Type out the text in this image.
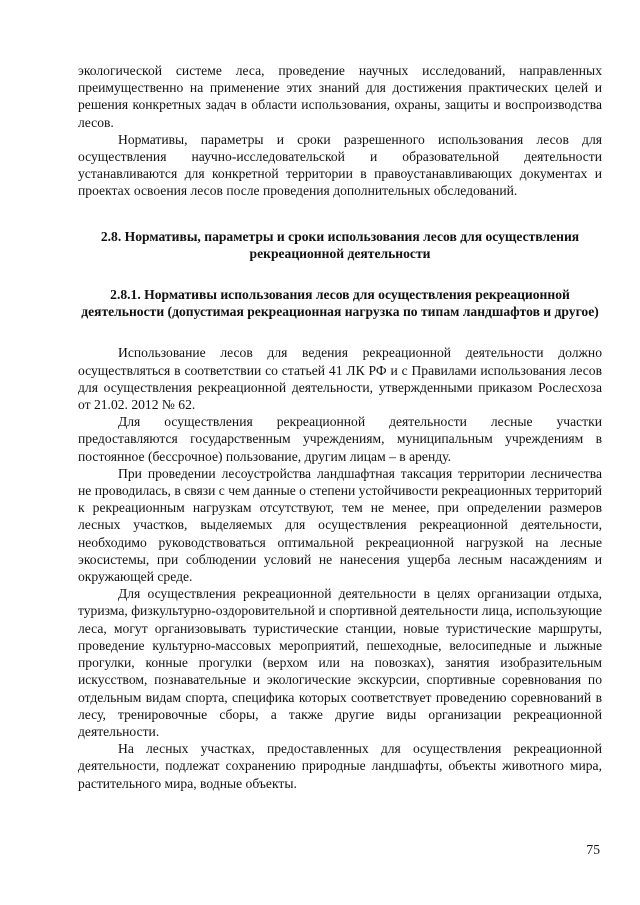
экологической системе леса, проведение научных исследований, направленных преимущественно на применение этих знаний для достижения практических целей и решения конкретных задач в области использования, охраны, защиты и воспроизводства лесов.

Нормативы, параметры и сроки разрешенного использования лесов для осуществления научно-исследовательской и образовательной деятельности устанавливаются для конкретной территории в правоустанавливающих документах и проектах освоения лесов после проведения дополнительных обследований.

2.8. Нормативы, параметры и сроки использования лесов для осуществления рекреационной деятельности
2.8.1. Нормативы использования лесов для осуществления рекреационной деятельности (допустимая рекреационная нагрузка по типам ландшафтов и другое)

Использование лесов для ведения рекреационной деятельности должно осуществляться в соответствии со статьей 41 ЛК РФ и с Правилами использования лесов для осуществления рекреационной деятельности, утвержденными приказом Рослесхоза от 21.02. 2012 № 62.

Для осуществления рекреационной деятельности лесные участки предоставляются государственным учреждениям, муниципальным учреждениям в постоянное (бессрочное) пользование, другим лицам – в аренду.

При проведении лесоустройства ландшафтная таксация территории лесничества не проводилась, в связи с чем данные о степени устойчивости рекреационных территорий к рекреационным нагрузкам отсутствуют, тем не менее, при определении размеров лесных участков, выделяемых для осуществления рекреационной деятельности, необходимо руководствоваться оптимальной рекреационной нагрузкой на лесные экосистемы, при соблюдении условий не нанесения ущерба лесным насаждениям и окружающей среде.

Для осуществления рекреационной деятельности в целях организации отдыха, туризма, физкультурно-оздоровительной и спортивной деятельности лица, использующие леса, могут организовывать туристические станции, новые туристические маршруты, проведение культурно-массовых мероприятий, пешеходные, велосипедные и лыжные прогулки, конные прогулки (верхом или на повозках), занятия изобразительным искусством, познавательные и экологические экскурсии, спортивные соревнования по отдельным видам спорта, специфика которых соответствует проведению соревнований в лесу, тренировочные сборы, а также другие виды организации рекреационной деятельности.

На лесных участках, предоставленных для осуществления рекреационной деятельности, подлежат сохранению природные ландшафты, объекты животного мира, растительного мира, водные объекты.

75
